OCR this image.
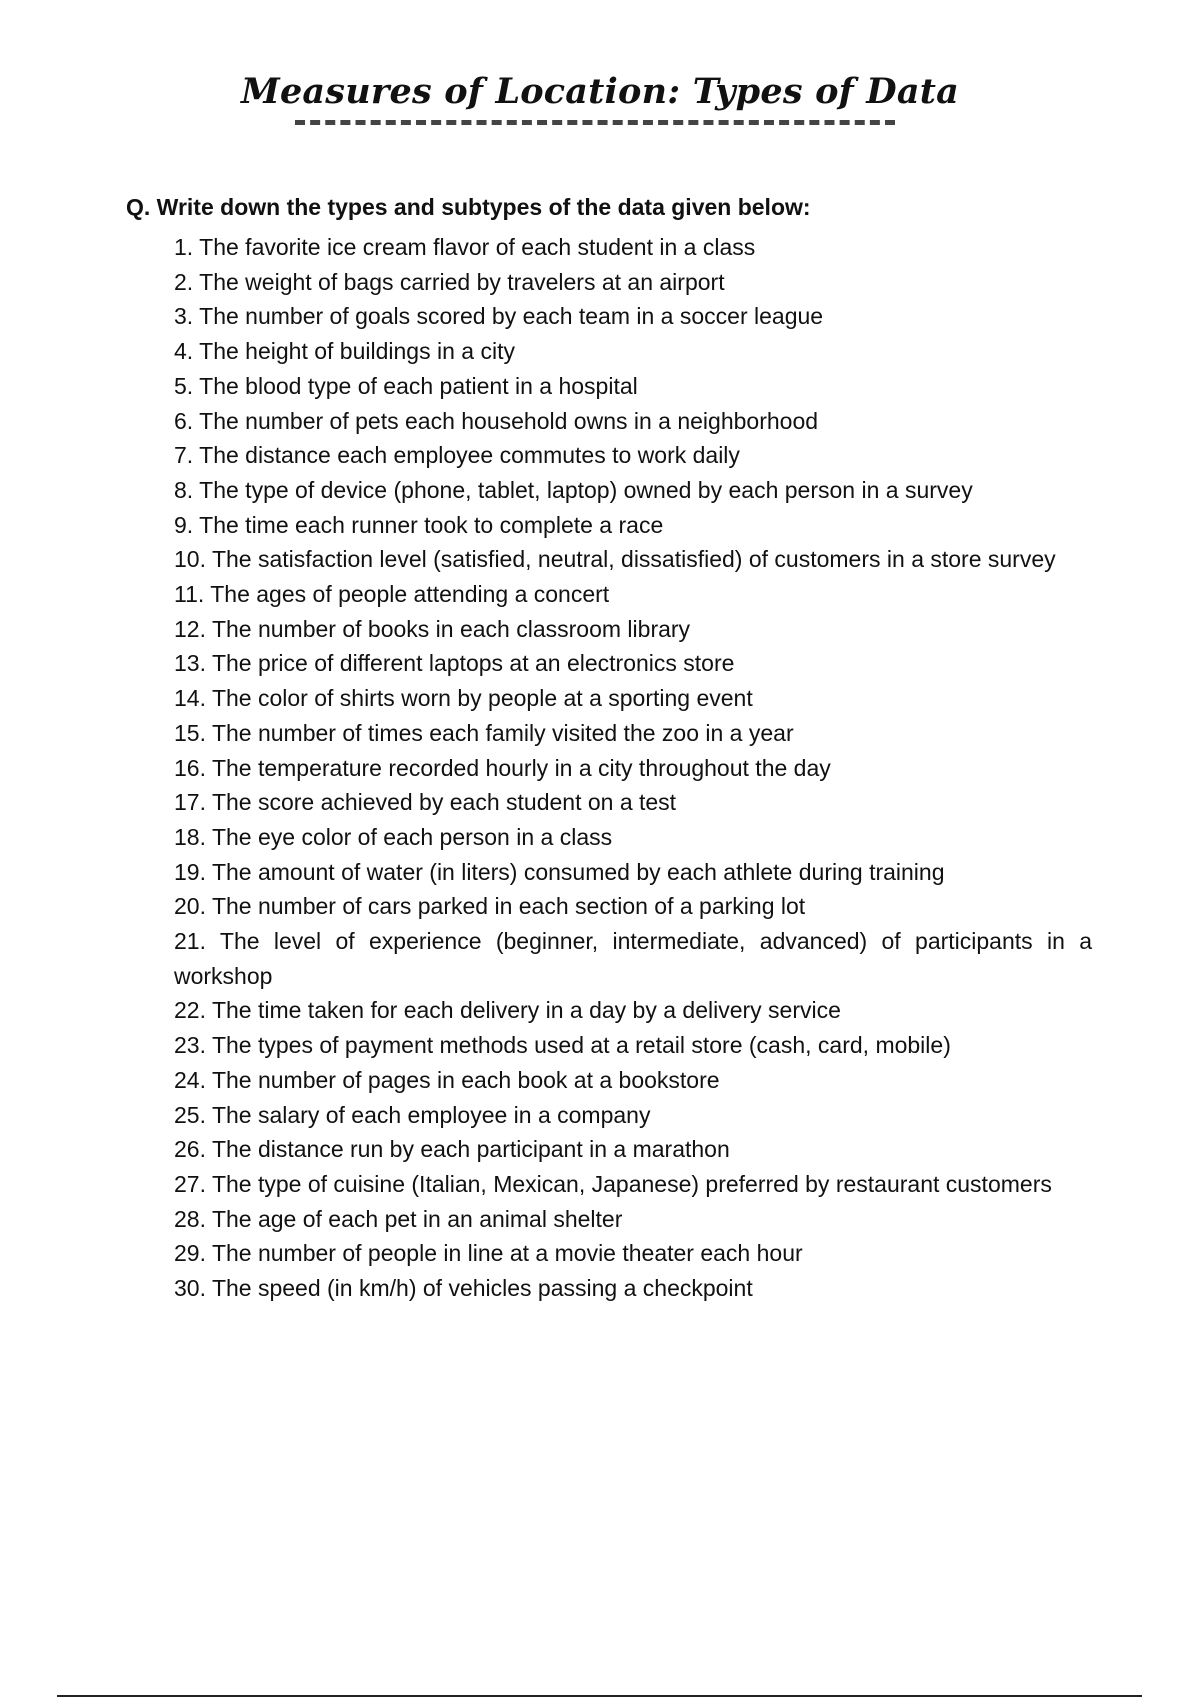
Measures of Location: Types of Data
Q. Write down the types and subtypes of the data given below:
1. The favorite ice cream flavor of each student in a class
2. The weight of bags carried by travelers at an airport
3. The number of goals scored by each team in a soccer league
4. The height of buildings in a city
5. The blood type of each patient in a hospital
6. The number of pets each household owns in a neighborhood
7. The distance each employee commutes to work daily
8. The type of device (phone, tablet, laptop) owned by each person in a survey
9. The time each runner took to complete a race
10. The satisfaction level (satisfied, neutral, dissatisfied) of customers in a store survey
11. The ages of people attending a concert
12. The number of books in each classroom library
13. The price of different laptops at an electronics store
14. The color of shirts worn by people at a sporting event
15. The number of times each family visited the zoo in a year
16. The temperature recorded hourly in a city throughout the day
17. The score achieved by each student on a test
18. The eye color of each person in a class
19. The amount of water (in liters) consumed by each athlete during training
20. The number of cars parked in each section of a parking lot
21. The level of experience (beginner, intermediate, advanced) of participants in a workshop
22. The time taken for each delivery in a day by a delivery service
23. The types of payment methods used at a retail store (cash, card, mobile)
24. The number of pages in each book at a bookstore
25. The salary of each employee in a company
26. The distance run by each participant in a marathon
27. The type of cuisine (Italian, Mexican, Japanese) preferred by restaurant customers
28. The age of each pet in an animal shelter
29. The number of people in line at a movie theater each hour
30. The speed (in km/h) of vehicles passing a checkpoint
